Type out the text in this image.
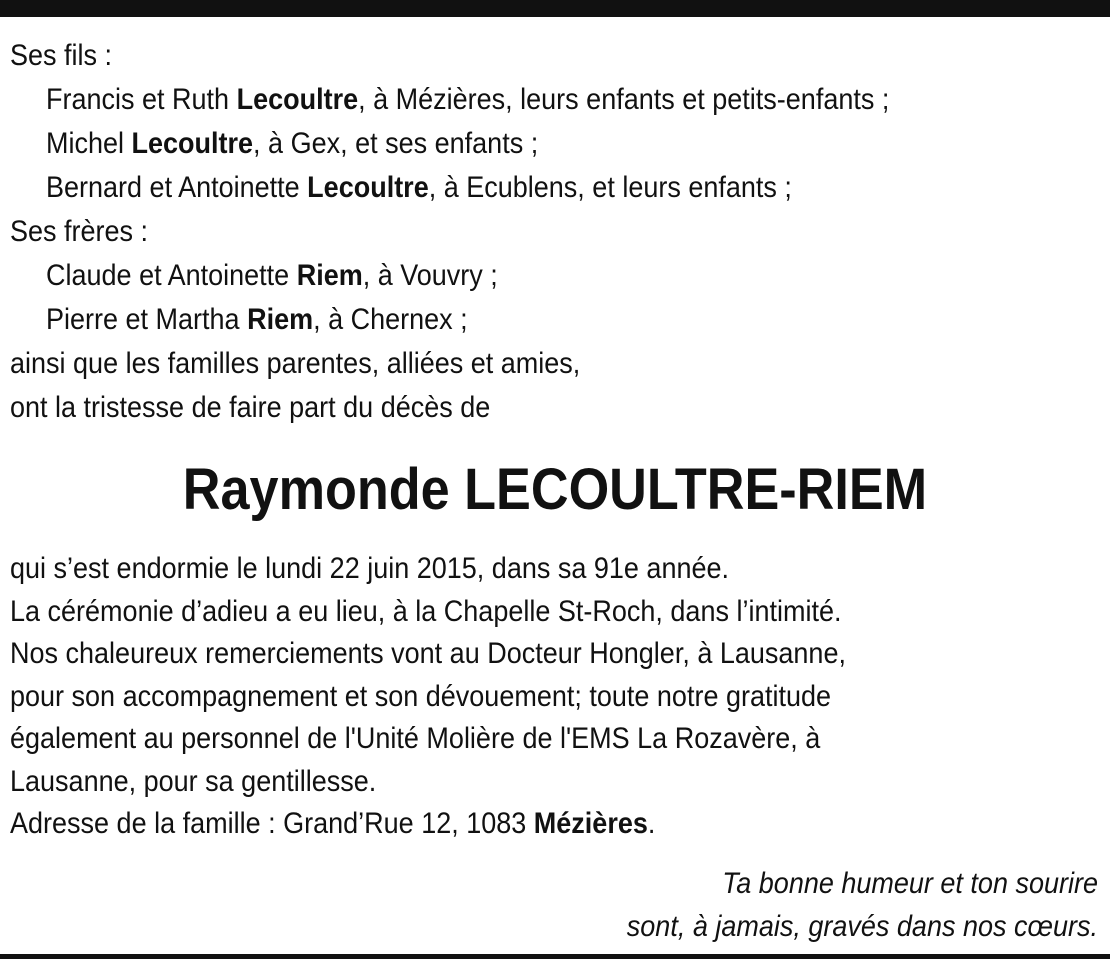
Ses fils :
Francis et Ruth Lecoultre, à Mézières, leurs enfants et petits-enfants ;
Michel Lecoultre, à Gex, et ses enfants ;
Bernard et Antoinette Lecoultre, à Ecublens, et leurs enfants ;
Ses frères :
Claude et Antoinette Riem, à Vouvry ;
Pierre et Martha Riem, à Chernex ;
ainsi que les familles parentes, alliées et amies,
ont la tristesse de faire part du décès de
Raymonde LECOULTRE-RIEM
qui s’est endormie le lundi 22 juin 2015, dans sa 91e année.
La cérémonie d’adieu a eu lieu, à la Chapelle St-Roch, dans l’intimité.
Nos chaleureux remerciements vont au Docteur Hongler, à Lausanne,
pour son accompagnement et son dévouement; toute notre gratitude
également au personnel de l'Unité Molière de l'EMS La Rozavère, à
Lausanne, pour sa gentillesse.
Adresse de la famille : Grand’Rue 12, 1083 Mézières.
Ta bonne humeur et ton sourire
sont, à jamais, gravés dans nos cœurs.
